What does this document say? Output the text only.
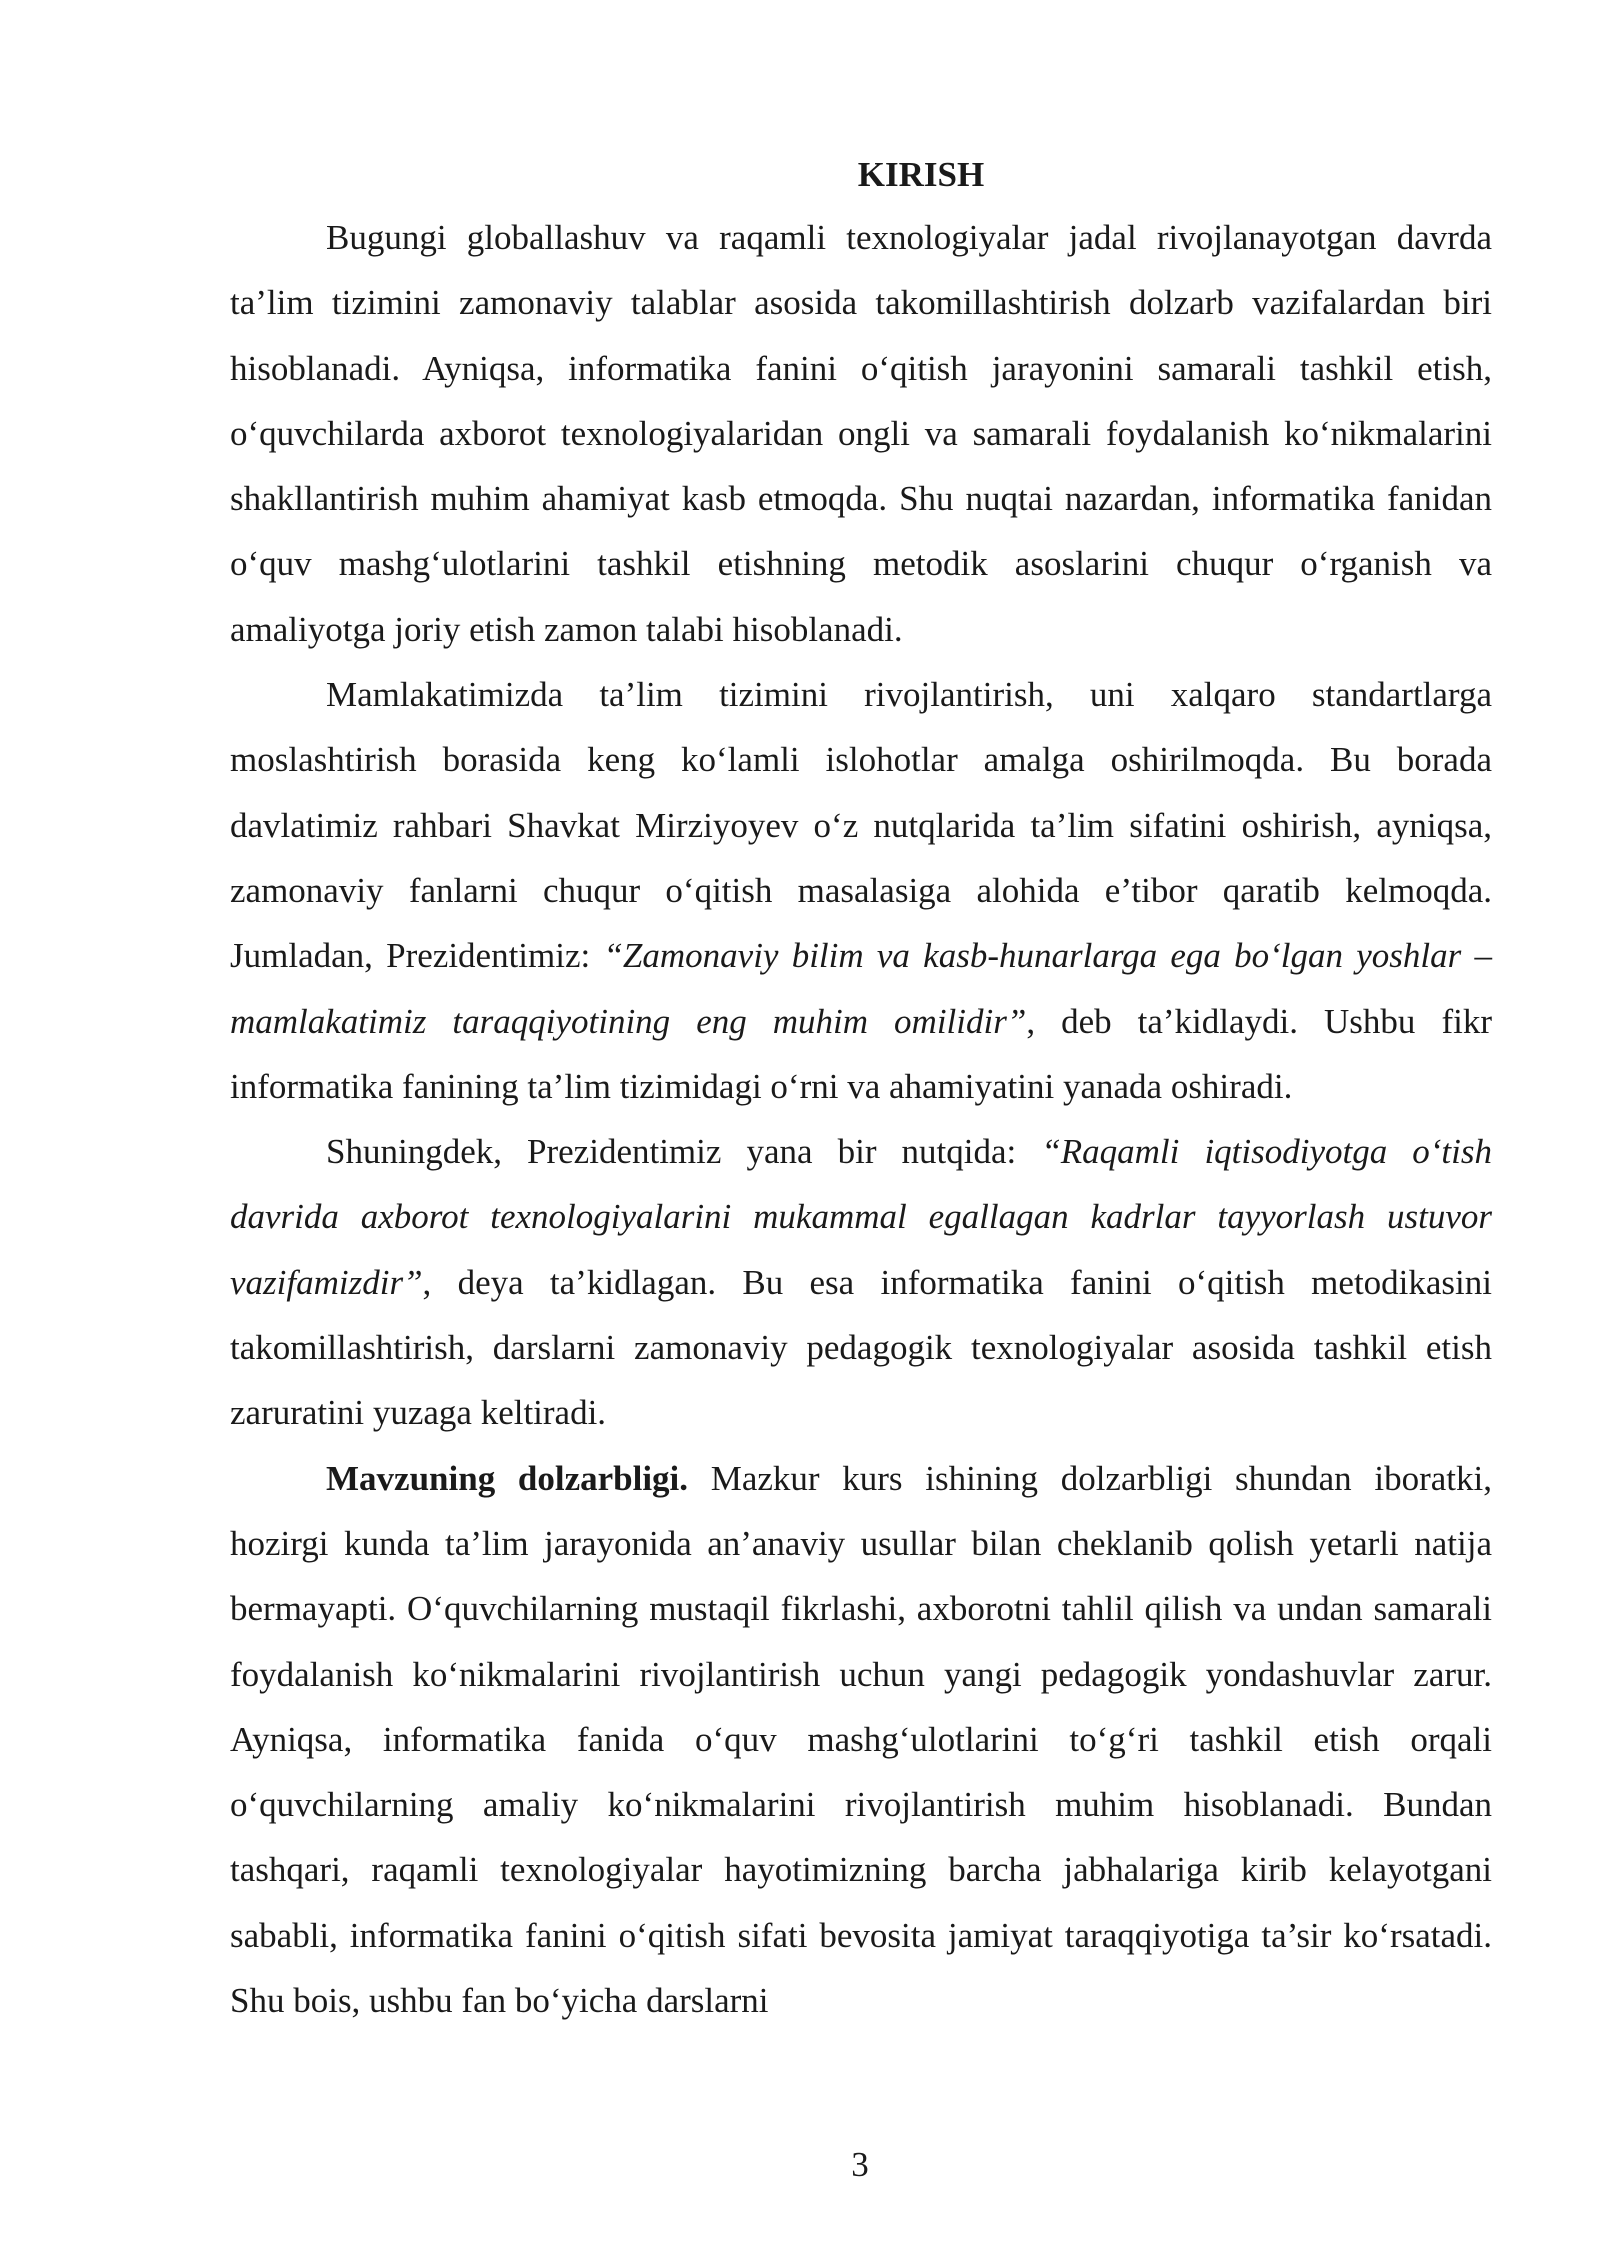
KIRISH

Bugungi globallashuv va raqamli texnologiyalar jadal rivojlanayotgan davrda ta’lim tizimini zamonaviy talablar asosida takomillashtirish dolzarb vazifalardan biri hisoblanadi. Ayniqsa, informatika fanini o‘qitish jarayonini samarali tashkil etish, o‘quvchilarda axborot texnologiyalaridan ongli va samarali foydalanish ko‘nikmalarini shakllantirish muhim ahamiyat kasb etmoqda. Shu nuqtai nazardan, informatika fanidan o‘quv mashg‘ulotlarini tashkil etishning metodik asoslarini chuqur o‘rganish va amaliyotga joriy etish zamon talabi hisoblanadi.

Mamlakatimizda ta’lim tizimini rivojlantirish, uni xalqaro standartlarga moslashtirish borasida keng ko‘lamli islohotlar amalga oshirilmoqda. Bu borada davlatimiz rahbari Shavkat Mirziyoyev o‘z nutqlarida ta’lim sifatini oshirish, ayniqsa, zamonaviy fanlarni chuqur o‘qitish masalasiga alohida e’tibor qaratib kelmoqda. Jumladan, Prezidentimiz: “Zamonaviy bilim va kasb-hunarlarga ega bo‘lgan yoshlar – mamlakatimiz taraqqiyotining eng muhim omilidir”, deb ta’kidlaydi. Ushbu fikr informatika fanining ta’lim tizimidagi o‘rni va ahamiyatini yanada oshiradi.

Shuningdek, Prezidentimiz yana bir nutqida: “Raqamli iqtisodiyotga o‘tish davrida axborot texnologiyalarini mukammal egallagan kadrlar tayyorlash ustuvor vazifamizdir”, deya ta’kidlagan. Bu esa informatika fanini o‘qitish metodikasini takomillashtirish, darslarni zamonaviy pedagogik texnologiyalar asosida tashkil etish zaruratini yuzaga keltiradi.

Mavzuning dolzarbligi. Mazkur kurs ishining dolzarbligi shundan iboratki, hozirgi kunda ta’lim jarayonida an’anaviy usullar bilan cheklanib qolish yetarli natija bermayapti. O‘quvchilarning mustaqil fikrlashi, axborotni tahlil qilish va undan samarali foydalanish ko‘nikmalarini rivojlantirish uchun yangi pedagogik yondashuvlar zarur. Ayniqsa, informatika fanida o‘quv mashg‘ulotlarini to‘g‘ri tashkil etish orqali o‘quvchilarning amaliy ko‘nikmalarini rivojlantirish muhim hisoblanadi. Bundan tashqari, raqamli texnologiyalar hayotimizning barcha jabhalariga kirib kelayotgani sababli, informatika fanini o‘qitish sifati bevosita jamiyat taraqqiyotiga ta’sir ko‘rsatadi. Shu bois, ushbu fan bo‘yicha darslarni

3
